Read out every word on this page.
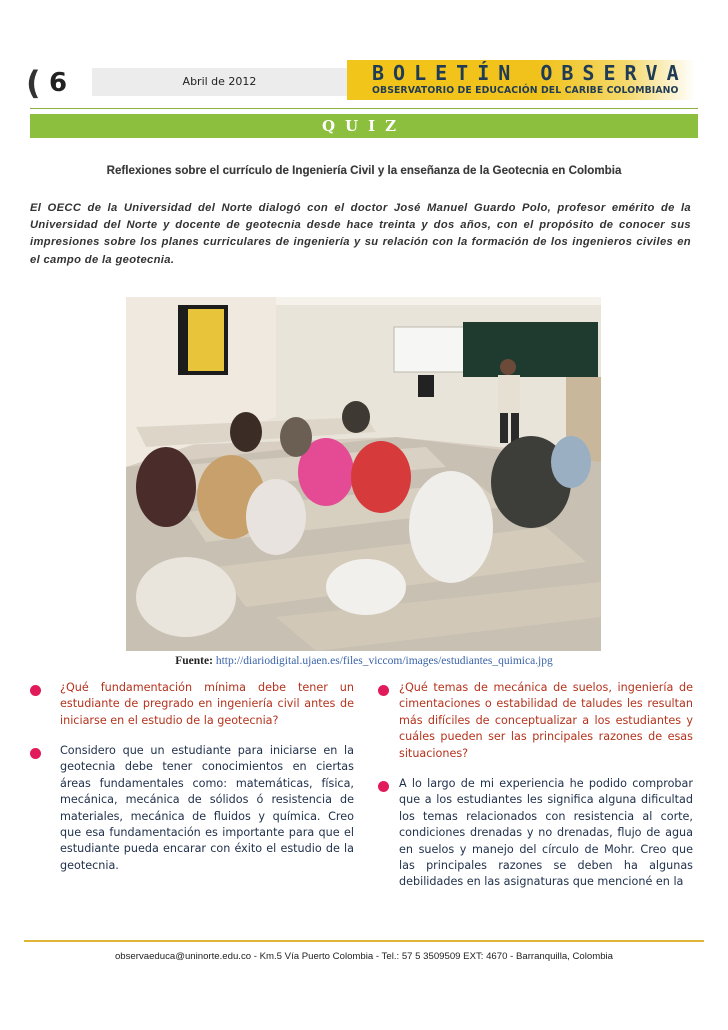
( 6	Abril de 2012	BOLETÍN OBSERVA
OBSERVATORIO DE EDUCACIÓN DEL CARIBE COLOMBIANO
QUIZ
Reflexiones sobre el currículo de Ingeniería Civil y la enseñanza de la Geotecnia en Colombia
El OECC de la Universidad del Norte dialogó con el doctor José Manuel Guardo Polo, profesor emérito de la Universidad del Norte y docente de geotecnia desde hace treinta y dos años, con el propósito de conocer sus impresiones sobre los planes curriculares de ingeniería y su relación con la formación de los ingenieros civiles en el campo de la geotecnia.
Fuente: http://diariodigital.ujaen.es/files_viccom/images/estudiantes_quimica.jpg
¿Qué fundamentación mínima debe tener un estudiante de pregrado en ingeniería civil antes de iniciarse en el estudio de la geotecnia?
Considero que un estudiante para iniciarse en la geotecnia debe tener conocimientos en ciertas áreas fundamentales como: matemáticas, física, mecánica, mecánica de sólidos ó resistencia de materiales, mecánica de fluidos y química. Creo que esa fundamentación es importante para que el estudiante pueda encarar con éxito el estudio de la geotecnia.
¿Qué temas de mecánica de suelos, ingeniería de cimentaciones o estabilidad de taludes les resultan más difíciles de conceptualizar a los estudiantes y cuáles pueden ser las principales razones de esas situaciones?
A lo largo de mi experiencia he podido comprobar que a los estudiantes les significa alguna dificultad los temas relacionados con resistencia al corte, condiciones drenadas y no drenadas, flujo de agua en suelos y manejo del círculo de Mohr. Creo que las principales razones se deben ha algunas debilidades en las asignaturas que mencioné en la
observaeduca@uninorte.edu.co - Km.5 Vía Puerto Colombia - Tel.: 57 5 3509509 EXT: 4670 - Barranquilla, Colombia
